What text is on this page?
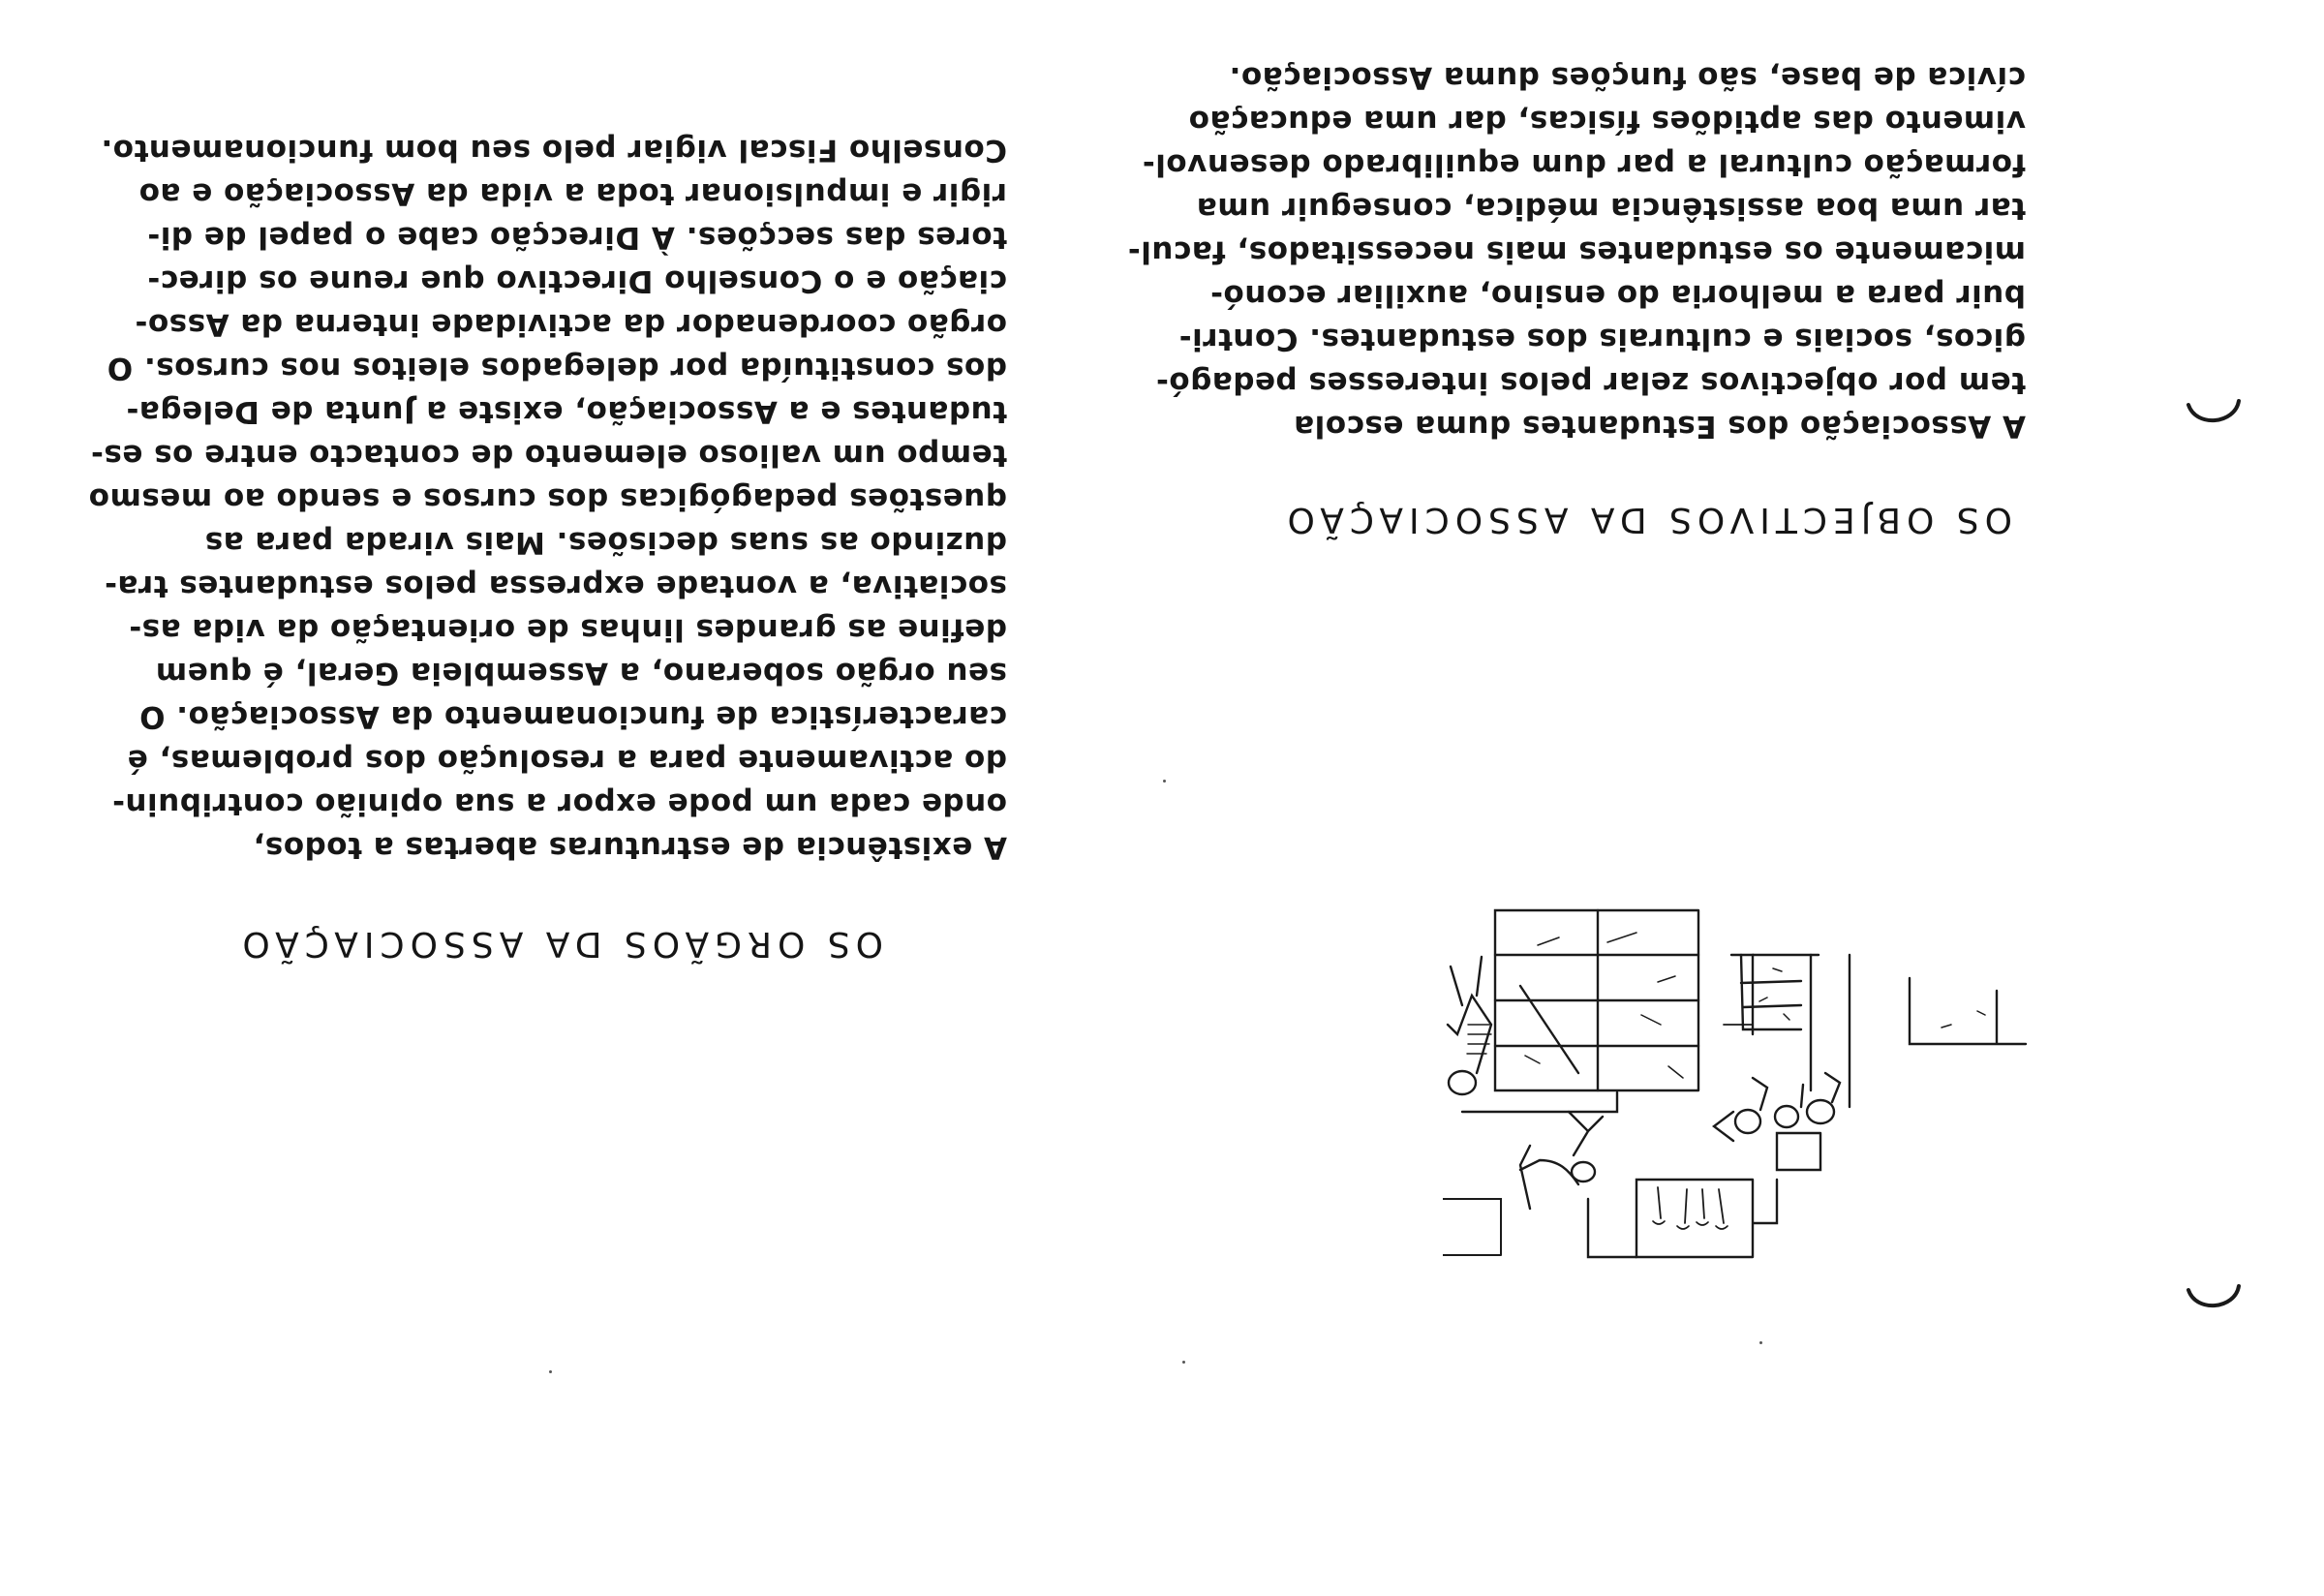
OS OBJECTIVOS DA ASSOCIAÇÃO
A Associação dos Estudantes duma escola
tem por objectivos zelar pelos interesses pedagó-
gicos, sociais e culturais dos estudantes. Contri-
buir para a melhoria do ensino, auxiliar econó-
micamente os estudantes mais necessitados, facul-
tar uma boa assistência médica, conseguir uma
formação cultural a par dum equilibrado desenvol-
vimento das aptidões físicas, dar uma educação
cívica de base, são funções duma Associação.
OS ORGÃOS DA ASSOCIAÇÃO
A existência de estruturas abertas a todos,
onde cada um pode expor a sua opinião contribuin-
do activamente para a resolução dos problemas, é
característica de funcionamento da Associação. O
seu orgão soberano, a Assembleia Geral, é quem
define as grandes linhas de orientação da vida as-
sociativa, a vontade expressa pelos estudantes tra-
duzindo as suas decisões. Mais virada para as
questões pedagógicas dos cursos e sendo ao mesmo
tempo um valioso elemento de contacto entre os es-
tudantes e a Associação, existe a Junta de Delega-
dos constituída por delegados eleitos nos cursos. O
orgão coordenador da actividade interna da Asso-
ciação e o Conselho Directivo que reune os direc-
tores das secções. À Direcção cabe o papel de di-
rigir e impulsionar toda a vida da Associação e ao
Conselho Fiscal vigiar pelo seu bom funcionamento.
